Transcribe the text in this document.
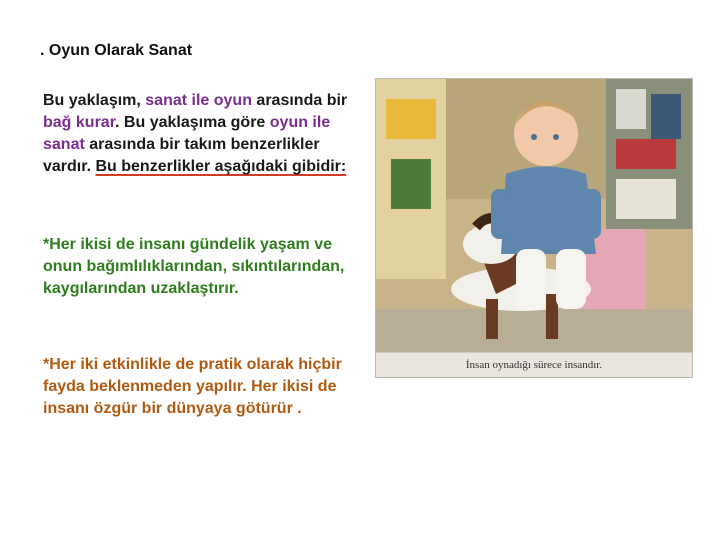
. Oyun Olarak Sanat
Bu yaklaşım, sanat ile oyun arasında bir bağ kurar. Bu yaklaşıma göre oyun ile sanat arasında bir takım benzerlikler vardır. Bu benzerlikler aşağıdaki gibidir:
*Her ikisi de insanı gündelik yaşam ve onun bağımlılıklarından, sıkıntılarından, kaygılarından uzaklaştırır.
*Her iki etkinlikle de pratik olarak hiçbir fayda beklenmeden yapılır. Her ikisi de insanı özgür bir dünyaya götürür .
İnsan oynadığı sürece insandır.
